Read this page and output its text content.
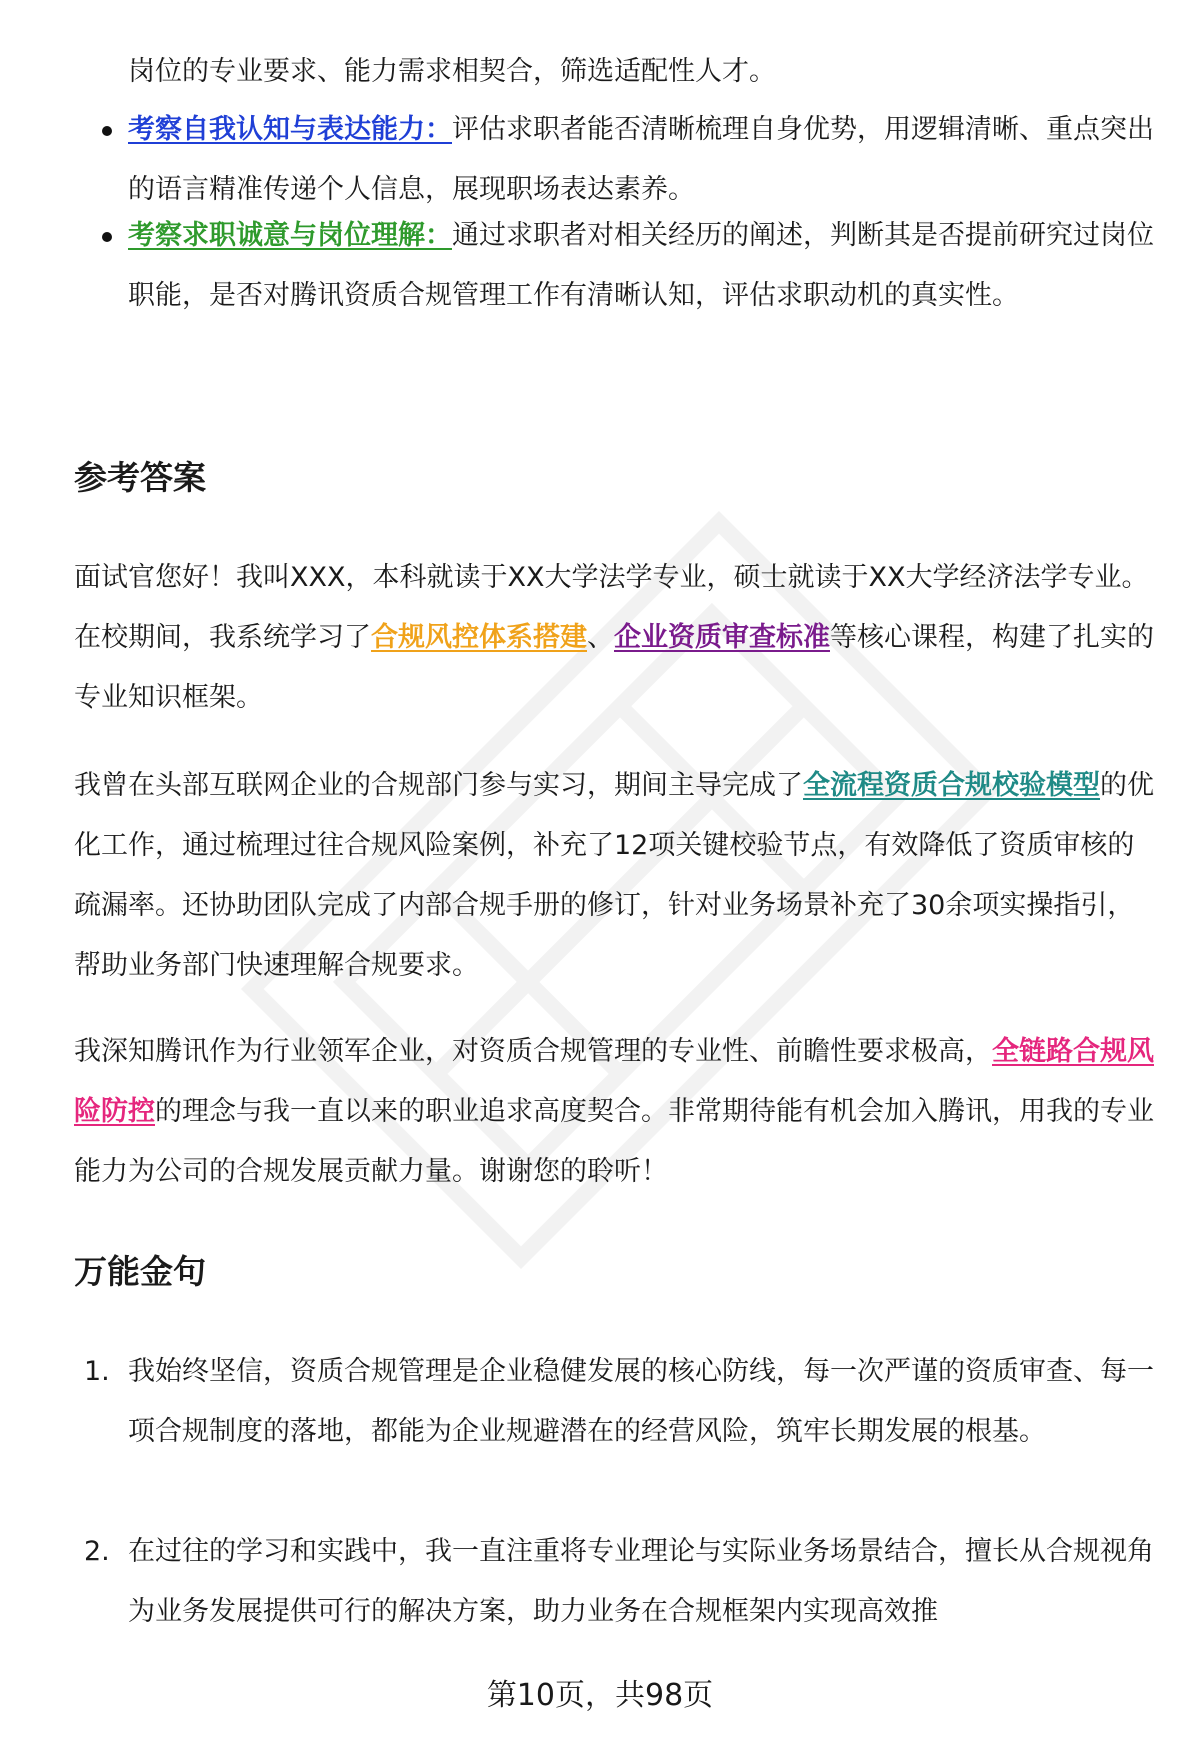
岗位的专业要求、能力需求相契合，筛选适配性人才。
考察自我认知与表达能力：评估求职者能否清晰梳理自身优势，用逻辑清晰、重点突出的语言精准传递个人信息，展现职场表达素养。
考察求职诚意与岗位理解：通过求职者对相关经历的阐述，判断其是否提前研究过岗位职能，是否对腾讯资质合规管理工作有清晰认知，评估求职动机的真实性。
参考答案
面试官您好！我叫XXX，本科就读于XX大学法学专业，硕士就读于XX大学经济法学专业。在校期间，我系统学习了合规风控体系搭建、企业资质审查标准等核心课程，构建了扎实的专业知识框架。
我曾在头部互联网企业的合规部门参与实习，期间主导完成了全流程资质合规校验模型的优化工作，通过梳理过往合规风险案例，补充了12项关键校验节点，有效降低了资质审核的疏漏率。还协助团队完成了内部合规手册的修订，针对业务场景补充了30余项实操指引，帮助业务部门快速理解合规要求。
我深知腾讯作为行业领军企业，对资质合规管理的专业性、前瞻性要求极高，全链路合规风险防控的理念与我一直以来的职业追求高度契合。非常期待能有机会加入腾讯，用我的专业能力为公司的合规发展贡献力量。谢谢您的聆听！
万能金句
1. 我始终坚信，资质合规管理是企业稳健发展的核心防线，每一次严谨的资质审查、每一项合规制度的落地，都能为企业规避潜在的经营风险，筑牢长期发展的根基。
2. 在过往的学习和实践中，我一直注重将专业理论与实际业务场景结合，擅长从合规视角为业务发展提供可行的解决方案，助力业务在合规框架内实现高效推
第10页，共98页
